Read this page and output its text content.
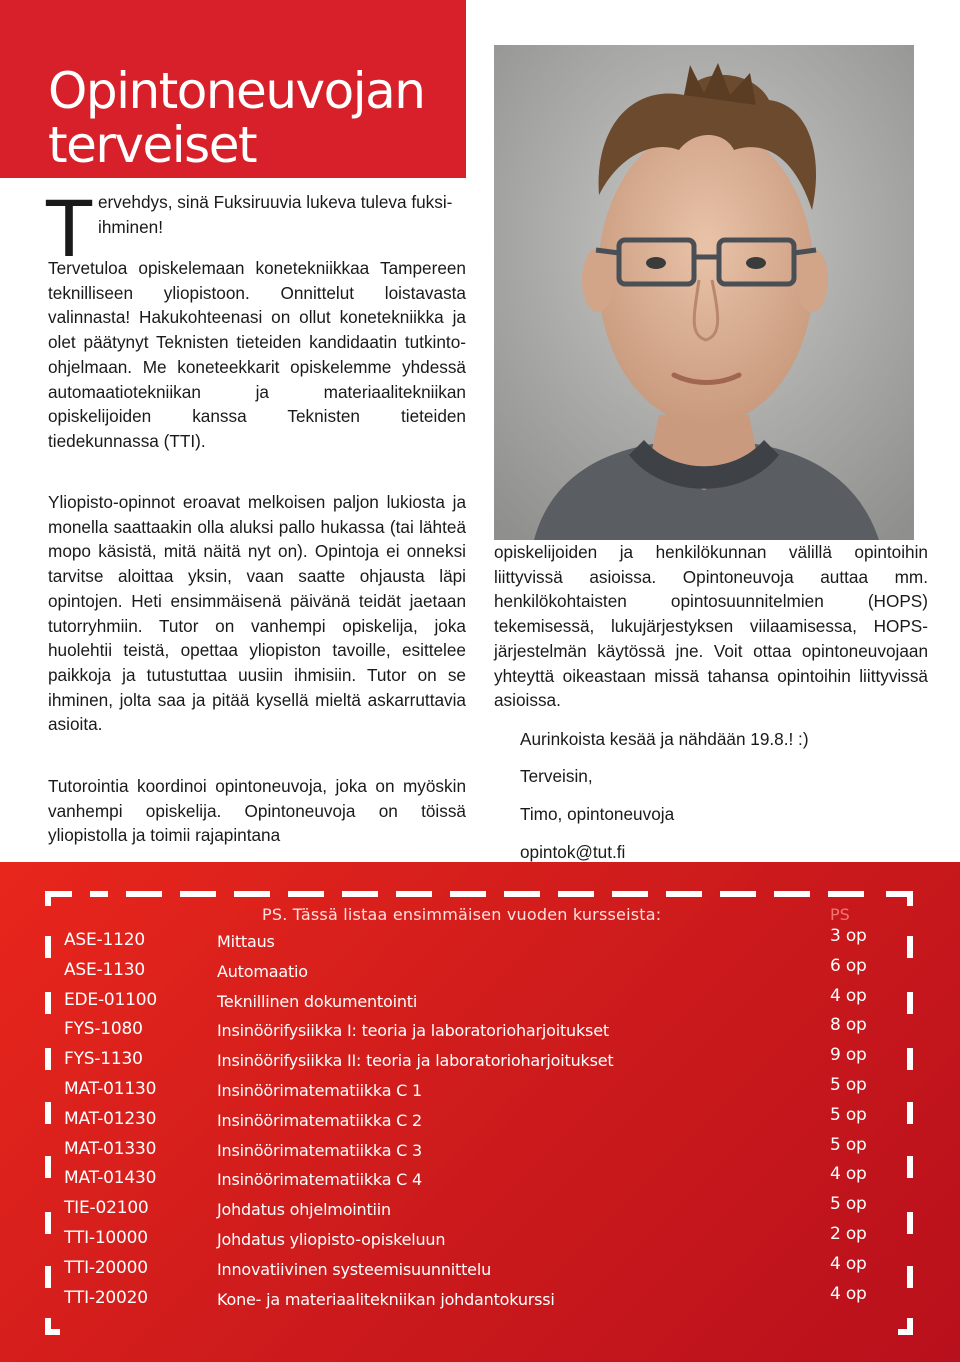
Opintoneuvojan
terveiset
T ervehdys, sinä Fuksiruuvia lukeva tuleva fuksi-ihminen!
Tervetuloa opiskelemaan konetekniikkaa Tampereen teknilliseen yliopistoon. Onnittelut loistavasta valinnasta! Hakukohteenasi on ollut konetekniikka ja olet päätynyt Teknisten tieteiden kandidaatin tutkinto-ohjelmaan. Me koneteekkarit opiskelemme yhdessä automaatiotekniikan ja materiaalitekniikan opiskelijoiden kanssa Teknisten tieteiden tiedekunnassa (TTI).
Yliopisto-opinnot eroavat melkoisen paljon lukiosta ja monella saattaakin olla aluksi pallo hukassa (tai lähteä mopo käsistä, mitä näitä nyt on). Opintoja ei onneksi tarvitse aloittaa yksin, vaan saatte ohjausta läpi opintojen. Heti ensimmäisenä päivänä teidät jaetaan tutorryhmiin. Tutor on vanhempi opiskelija, joka huolehtii teistä, opettaa yliopiston tavoille, esittelee paikkoja ja tutustuttaa uusiin ihmisiin. Tutor on se ihminen, jolta saa ja pitää kysellä mieltä askarruttavia asioita.
Tutorointia koordinoi opintoneuvoja, joka on myöskin vanhempi opiskelija. Opintoneuvoja on töissä yliopistolla ja toimii rajapintana
opiskelijoiden ja henkilökunnan välillä opintoihin liittyvissä asioissa. Opintoneuvoja auttaa mm. henkilökohtaisten opintosuunnitelmien (HOPS) tekemisessä, lukujärjestyksen viilaamisessa, HOPS-järjestelmän käytössä jne. Voit ottaa opintoneuvojaan yhteyttä oikeastaan missä tahansa opintoihin liittyvissä asioissa.
Aurinkoista kesää ja nähdään 19.8.! :)
Terveisin,
Timo, opintoneuvoja
opintok@tut.fi
PS. Tässä listaa ensimmäisen vuoden kursseista:	PS
ASE-1120	Mittaus	3 op
ASE-1130	Automaatio	6 op
EDE-01100	Teknillinen dokumentointi	4 op
FYS-1080	Insinöörifysiikka I: teoria ja laboratorioharjoitukset	8 op
FYS-1130	Insinöörifysiikka II: teoria ja laboratorioharjoitukset	9 op
MAT-01130	Insinöörimatematiikka C 1	5 op
MAT-01230	Insinöörimatematiikka C 2	5 op
MAT-01330	Insinöörimatematiikka C 3	5 op
MAT-01430	Insinöörimatematiikka C 4	4 op
TIE-02100	Johdatus ohjelmointiin	5 op
TTI-10000	Johdatus yliopisto-opiskeluun	2 op
TTI-20000	Innovatiivinen systeemisuunnittelu	4 op
TTI-20020	Kone- ja materiaalitekniikan johdantokurssi	4 op
